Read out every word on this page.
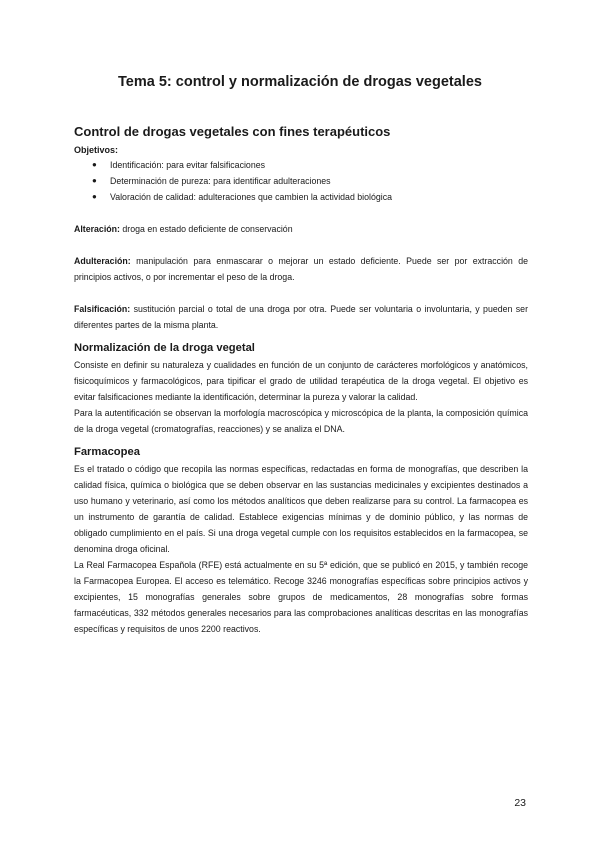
Tema 5: control y normalización de drogas vegetales
Control de drogas vegetales con fines terapéuticos
Objetivos:
● Identificación: para evitar falsificaciones
● Determinación de pureza: para identificar adulteraciones
● Valoración de calidad: adulteraciones que cambien la actividad biológica

Alteración: droga en estado deficiente de conservación

Adulteración: manipulación para enmascarar o mejorar un estado deficiente. Puede ser por extracción de principios activos, o por incrementar el peso de la droga.

Falsificación: sustitución parcial o total de una droga por otra. Puede ser voluntaria o involuntaria, y pueden ser diferentes partes de la misma planta.

Normalización de la droga vegetal

Consiste en definir su naturaleza y cualidades en función de un conjunto de carácteres morfológicos y anatómicos, fisicoquímicos y farmacológicos, para tipificar el grado de utilidad terapéutica de la droga vegetal. El objetivo es evitar falsificaciones mediante la identificación, determinar la pureza y valorar la calidad.

Para la autentificación se observan la morfología macroscópica y microscópica de la planta, la composición química de la droga vegetal (cromatografías, reacciones) y se analiza el DNA.

Farmacopea

Es el tratado o código que recopila las normas específicas, redactadas en forma de monografías, que describen la calidad física, química o biológica que se deben observar en las sustancias medicinales y excipientes destinados a uso humano y veterinario, así como los métodos analíticos que deben realizarse para su control. La farmacopea es un instrumento de garantía de calidad. Establece exigencias mínimas y de dominio público, y las normas de obligado cumplimiento en el país. Si una droga vegetal cumple con los requisitos establecidos en la farmacopea, se denomina droga oficinal.

La Real Farmacopea Española (RFE) está actualmente en su 5ª edición, que se publicó en 2015, y también recoge la Farmacopea Europea. El acceso es telemático. Recoge 3246 monografías específicas sobre principios activos y excipientes, 15 monografías generales sobre grupos de medicamentos, 28 monografías sobre formas farmacéuticas, 332 métodos generales necesarios para las comprobaciones analíticas descritas en las monografías específicas y requisitos de unos 2200 reactivos.

23
